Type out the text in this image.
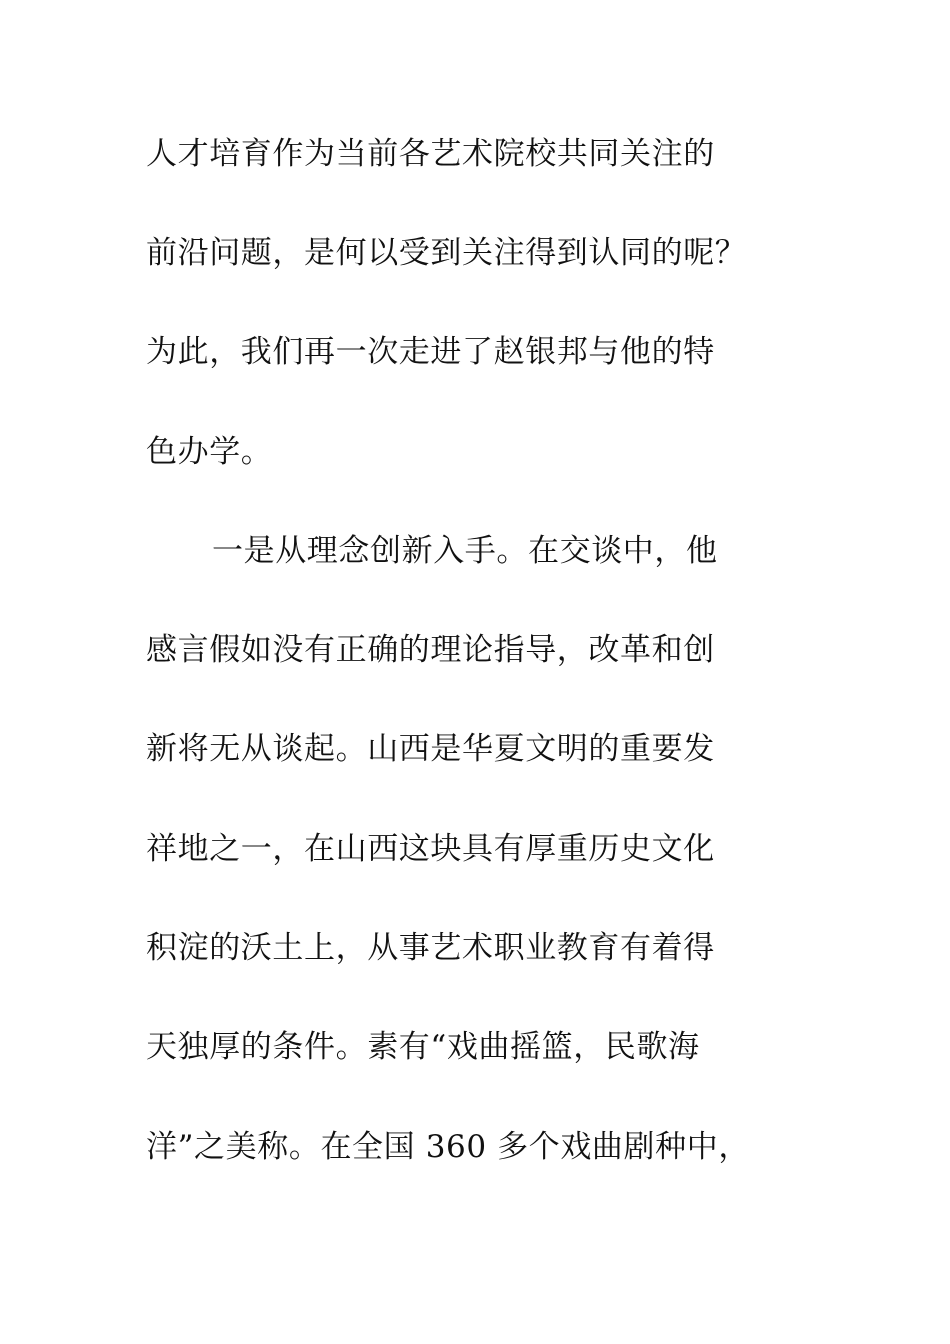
人才培育作为当前各艺术院校共同关注的
前沿问题，是何以受到关注得到认同的呢？
为此，我们再一次走进了赵银邦与他的特
色办学。
一是从理念创新入手。在交谈中，他
感言假如没有正确的理论指导，改革和创
新将无从谈起。山西是华夏文明的重要发
祥地之一，在山西这块具有厚重历史文化
积淀的沃土上，从事艺术职业教育有着得
天独厚的条件。素有“戏曲摇篮，民歌海
洋”之美称。在全国 360 多个戏曲剧种中，
